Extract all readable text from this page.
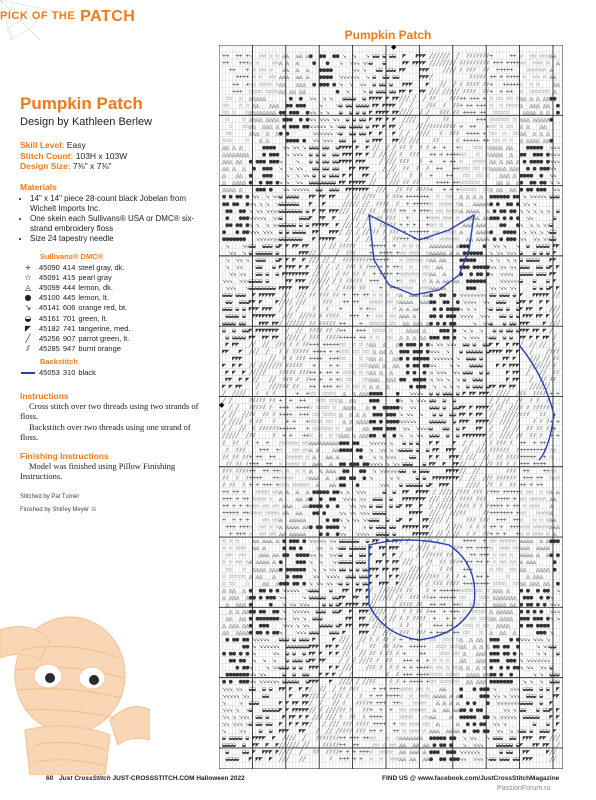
PICK OF THE PATCH
Pumpkin Patch
Pumpkin Patch
Design by Kathleen Berlew
Skill Level: Easy
Stitch Count: 103H x 103W
Design Size: 7⅜" x 7⅜"
Materials
• 14" x 14" piece 28-count black Jobelan from Wichelt Imports Inc.
• One skein each Sullivans® USA or DMC® six-strand embroidery floss
• Size 24 tapestry needle
Sullivans® DMC®
+	45090	414	steel gray, dk.
☆	45091	415	pearl gray
◬	45099	444	lemon, dk.
●	45100	445	lemon, lt.
↘	45141	606	orange red, bt.
◒	45161	701	green, lt.
◤	45182	741	tangerine, med.
╱	45256	907	parrot green, lt.
⫽	45285	947	burnt orange
Backstitch
	45053	310	black
Instructions
Cross stitch over two threads using two strands of floss.
Backstitch over two threads using one strand of floss.
Finishing Instructions
Model was finished using Pillow Finishing Instructions.
Stitched by Pat Turner
Finished by Shirley Meyer ⌘
+ + + + +
☆ ☆
☆ ☆ ☆ ◬ ◬ ◬ ◬ ◬ ● ●
● ●
● ↘ ↘ ↘ ◒
◒ ◒ ◒
◒ ◤ ◤ ◤ ◤ ╱ ╱ ╱ ╱ ╱ ╱ ╱ ⫽ ⫽ ⫽ ⫽ ⫽ ⫽ ⫽ +	+ + ☆ ☆
☆ ☆
☆
☆ ◬ ◬
+ + + + +
☆ ☆ ☆
☆ ◬ ◬ ◬	● ● ↘ ↘ ↘ ↘ ↘ ↘ ◒ ◒	◤ ◤ ◤ ◤ ◤ ◤ ╱ ╱ ╱ ╱ ╱ ╱ ╱ ╱ ⫽ ⫽ ⫽ ⫽ ⫽ ⫽ ⫽ ⫽ ⫽ + + + + + + +
☆
☆ ☆
☆
☆ ☆ ◬
+ + + ☆ ☆
☆ ☆ ◬ ◬ ◬ ◬ ●
●
●
●	↘ ↘ ↘ ◒
◒ ◒
◒
◒ ◤ ◤	◤ ◤ ◤	╱ ╱ ╱ ╱ ⫽ ⫽ ⫽ ⫽ ⫽ ⫽ + + + + + ☆
☆
☆
☆
☆
☆ ◬
+ + + + ☆ ☆ ☆
☆ ◬ ◬ ◬ ◬ ◬ ◬ ●
●
●
● ↘ ↘ ↘ ↘ ↘ ↘ ↘ ◒ ◒
◒ ◒
◒	◤ ◤ ◤ ╱	⫽ ⫽ ⫽ ⫽ ⫽ + + + + + + + ☆ ☆
☆ ☆ ◬ ◬
+ + +
☆
☆ ☆
☆
☆
☆ ☆ ◬ ◬ ◬ ◬ ◬ ● ●
●
● ● ↘ ↘ ↘ ↘ ◒ ◒
◒ ◒ ◤ ◤ ◤	◤ ╱ ╱ ╱ ⫽ ⫽ ⫽ ⫽ ⫽ ⫽ ⫽ + + + + + +
☆ ☆ ☆	◬ ◬
+ + + ☆
☆
☆
☆ ☆
☆
☆
☆ ◬ ◬ ◬ ◬ ◬ ◬	● ↘ ↘ ◒ ◒
◒
◒ ◒
◒ ◤ ◤ ◤ ◤ ◤ ╱ ╱ ╱ ╱ ╱ ╱ ╱ ╱ ⫽ ⫽ ⫽ ⫽ ⫽ ⫽ + + + + ☆ ☆
☆
☆
☆
☆
☆ ◬
☆
☆ ☆ ◬ ◬ ◬ ◬ ◬	● ● ↘ ↘ ↘ ↘ ◒
◒
◒
◒ ◒ ◤ ◤ ◤ ◤ ◤ ◤ ◤ ╱ ╱ ╱ ╱ ╱ ⫽ ⫽	⫽ ⫽ ⫽ + + + + + + ☆ ☆
☆ ☆
☆ ☆ ◬ ◬ ◬ ◬ ◬ ◬ ●
●
☆
☆ ☆ ☆ ◬ ◬ ◬ ◬ ◬ ●
● ●
●
● ↘ ↘ ◒ ◒
◒ ◒
◒
◒
◒ ◤ ◤ ◤ ◤ ◤ ◤ ╱ ╱	╱ ⫽ ⫽ ⫽ ⫽ ⫽ + + + + + + ☆ ☆ ☆
☆
☆
☆ ◬ ◬ ◬ ◬ ◬ ◬ ●
☆
☆ ☆ ☆ ◬ ◬ ◬ ◬ ◬ ◬ ◬ ◬ ●
● ●
●
● ● ↘ ↘ ↘ ↘ ◒ ◒ ◒ ◒ ◤ ◤ ◤ ◤ ◤ ◤ ◤ ╱ ╱ ╱ ╱ ╱ ╱ ⫽ ⫽ ⫽ ⫽ ⫽ + + + + + + ☆
☆
☆
☆
☆	◬ ◬ ◬ ◬ ◬ ◬ ●
☆ ☆ ◬ ◬ ◬ ◬ ◬ ◬ ◬ ◬ ●
●
● ● ● ↘ ↘ ↘ ↘ ↘ ↘ ↘ ◒ ◒ ◒
◒ ◤ ◤ ◤ ◤ ◤ ╱ ╱ ╱ ╱ ╱	⫽ ⫽	+ + + ☆
☆
☆
☆
☆
☆ ☆ ◬ ◬ ◬ ◬ ◬ ◬ ◬ ◬ ●
☆ ☆
☆ ◬ ◬ ◬ ◬ ◬ ◬ ● ●
●
● ●
● ↘ ↘ ↘ ↘ ↘ ↘ ↘ ◒
◒ ◒
◒
◒
◒ ◒ ◤ ◤ ◤ ◤ ◤ ╱	╱ ╱ ╱ ╱ ⫽ ⫽ ⫽ ⫽ ⫽ ⫽ ⫽ ⫽ + + + +
☆
☆ ☆ ☆
☆ ◬ ◬ ◬ ◬
☆
☆	◬ ◬ ◬ ◬ ◬ ● ●	↘ ↘ ↘ ↘ ↘ ↘ ↘ ◒ ◒
◒ ◒
◒ ◤ ◤ ◤ ╱ ╱ ╱ ╱ ╱ ╱ ⫽ ⫽ ⫽ ⫽ + + + + + ☆
☆ ☆ ☆
☆ ◬ ◬ ◬ ◬ ◬
☆
☆
☆ ☆ ◬ ◬	●
●
●
● ● ↘ ↘ ↘ ↘ ↘ ◒
◒ ◒ ◒ ◤ ◤ ◤ ◤ ◤ ╱ ╱ ╱ ╱ ╱	⫽ ⫽	⫽ + + + + + + + ☆
☆ ☆ ☆ ◬ ◬ ◬ ◬ ◬ ◬ ◬ ●
◬ ◬ ◬ ◬	●
●
●
● ↘ ↘ ↘ ↘ ↘ ◒
◒
◒ ◒
◒ ◒ ◤ ◤ ◤ ◤ ◤ ◤ ╱ ╱ ╱ ╱ ⫽ ⫽ ⫽ ⫽ ⫽ + + +
☆ ☆
☆
☆ ☆ ◬ ◬ ◬ ◬ ◬ ◬	●
●
●
●
● ↘ ↘ ↘
◬ ◬ ◬ ◬ ◬ ◬ ◬ ◬	● ●
●
● ↘ ↘ ↘ ↘ ◒ ◒ ◒ ◒
◒ ◤ ◤ ◤ ◤ ◤ ◤ ╱ ╱ ╱ ╱ ╱ ⫽ ⫽ ⫽ ⫽ + + + + + + +
☆
☆ ☆ ☆ ◬ ◬ ◬ ◬ ◬ ●
● ●
●
● ● ↘ ↘ ↘
◬ ◬ ◬ ◬ ◬ ● ●
●
● ●
●
● ↘ ↘ ◒ ◒ ◒
◒ ◒
◒ ◤ ◤ ◤ ◤ ◤ ◤ ◤	╱ ╱ ╱ ╱ ⫽ ⫽ ⫽ ⫽ + + + + ☆ ☆
☆
☆
☆ ◬ ◬ ◬ ◬ ◬ ◬ ● ●
●
●
● ● ↘ ↘ ↘
◬ ◬ ◬ ◬ ● ●
●
● ↘ ↘ ↘ ↘ ◒
◒ ◒
◒ ◒
◒ ◤ ◤ ◤ ◤ ◤	╱ ╱ ╱ ⫽ ⫽ ⫽ ⫽ + + + +
☆
☆
☆ ☆
☆ ☆
☆ ◬ ◬ ◬ ◬ ◬ ◬ ◬ ◬ ● ● ●
●
● ↘ ↘
◬ ◬ ◬ ● ●
●
● ↘ ↘ ↘ ↘ ◒ ◒ ◒
◒
◒ ◤ ◤ ◤ ◤ ╱ ╱ ╱ ╱ ⫽ ⫽ + + + ☆
☆ ☆
☆ ☆ ◬ ◬ ◬ ◬ ●
●
●
● ● ↘ ↘
◬ ◬ ◬ ◬ ◬ ● ● ●
● ● ↘ ↘ ↘ ↘ ◒
◒
◒
◒
◒
◒
◒
◒ ◤ ◤ ◤ ◤ ◤ ◤ ◤ ╱ ╱	╱ ╱ ╱ ⫽ ⫽ ⫽ ⫽	+ + + + + +
☆
☆
☆
☆
☆
☆ ☆ ◬ ◬ ◬ ◬ ● ●
● ●
● ↘ ↘
◬ ◬ ◬ ◬ ◬	●
●
● ● ↘ ↘ ↘ ↘ ↘ ↘ ↘ ◒
◒ ◒
◒
◒ ◤ ◤ ◤ ◤ ◤ ◤ ◤ ╱ ╱ ╱ ╱ ⫽ ⫽ ⫽ ⫽ ⫽ ⫽ ⫽ + + + +
☆
☆
☆
☆
☆ ☆
☆ ◬ ◬ ◬ ◬ ◬ ● ●
● ●
●
● ↘ ↘
● ● ●
● ● ↘ ↘ ↘ ↘ ↘ ◒ ◒
◒
◒
◒ ◤ ◤ ◤ ◤ ◤ ◤ ╱ ╱ ╱ ╱ ╱ ⫽ ⫽ ⫽ ⫽ ⫽ + + + + + + + + ☆ ☆
☆ ◬ ◬ ◬ ◬ ●
●
●
●
●
● ●
● ↘ ↘ ↘ ↘ ↘ ↘ ◒
◒
◒
●
● ●
● ● ↘ ↘ ↘ ↘ ↘ ◒
◒
◒
◒
◒
◒ ◤ ◤	╱ ╱ ╱ ╱ ╱ ╱ ╱ ⫽ ⫽ ⫽ ⫽ ⫽ + + + + + +
☆ ☆
☆
☆
☆ ☆ ◬ ◬ ◬ ◬ ◬ ◬ ● ● ●
● ● ↘ ↘ ↘
●
● ●
● ↘ ↘ ↘ ↘ ↘ ↘ ↘ ◒
◒
◒
◒
◒
◒
◒ ◒ ◤ ◤ ◤ ◤ ◤ ◤ ╱ ╱ ╱ ╱ ╱ ╱ ⫽ ⫽ ⫽ ⫽ ⫽ ⫽ + + + + + +
☆ ☆
☆ ☆
☆
☆
☆ ◬ ◬ ◬ ◬ ◬ ◬ ● ●
● ●
● ↘ ↘ ↘ ↘ ↘ ◒
● ●
●
● ↘ ↘ ↘ ↘ ↘ ↘ ↘ ◒	◒
◒
◒ ◤ ◤ ◤ ◤ ╱ ╱ ╱ ╱ ⫽ ⫽ ⫽ ⫽ ⫽ ⫽ +	+
☆
☆
☆ ☆
☆
☆ ☆ ◬ ◬ ◬ ◬ ◬ ◬ ●
●
● ● ● ● ↘ ↘	◒
●
● ●
● ● ↘ ↘ ↘ ↘ ↘ ◒
◒
◒
◒
◒ ◒ ◒ ◤ ◤ ◤ ◤ ◤ ◤ ╱ ╱ ╱ ╱ ╱	⫽ ⫽ ⫽ ⫽ ⫽ + + + +
☆
☆ ☆	◬ ◬ ◬ ◬ ◬ ◬	●
● ● ↘ ↘ ↘ ↘ ↘ ◒
● ● ●
● ↘ ↘ ↘ ↘ ↘ ↘ ◒ ◒ ◒
◒
◒
◒ ◤ ◤ ◤ ◤ ◤ ╱ ╱ ╱ ╱ ╱ ╱ ⫽ ⫽ ⫽ ⫽ ⫽ ⫽ ⫽ + + + + + + + ☆
☆ ☆
☆
☆
☆ ◬	◬ ◬ ◬ ◬ ● ●
●
●
● ↘ ↘ ↘ ↘ ↘ ◒
◒
●
●
●
●
●
●
● ↘ ↘ ↘ ↘ ↘ ↘ ↘ ◒
◒
◒
◒
◒
◒
◒ ◤ ◤ ◤ ◤ ◤ ◤ ╱ ╱ ╱ ⫽ ⫽ ⫽ ⫽ + + + + + + +
☆ ☆
☆
☆
☆
☆
☆ ◬ ◬ ◬ ◬ ◬ ◬ ● ● ●
●
● ↘ ↘ ↘ ↘ ↘ ↘ ◒
◒
↘ ↘ ↘ ◒
◒ ◒
◒
◒ ◒ ◤ ◤ ◤ ◤ ◤ ◤	╱ ╱ ╱ ⫽ ⫽ ⫽ ⫽ ⫽	+ + + + + + ☆ ☆ ☆ ◬ ◬ ◬ ◬ ◬ ◬ ◬ ◬ ●
●
● ● ↘ ↘ ↘ ↘ ◒ ◒
◒
◒
◒ ◤ ◤
↘ ↘ ↘ ◒ ◒
◒
◒
◒
◒ ◒	◤ ◤ ◤ ╱ ╱ ╱	╱ ⫽ ⫽ ⫽	+ + + + + +
☆
☆ ☆
☆
☆ ☆ ◬ ◬ ◬ ◬ ◬ ◬ ◬ ●
●
●
●
●
● ↘ ↘ ↘ ↘ ↘ ↘ ◒ ◒ ◒ ◒ ◤
↘ ↘ ↘ ↘ ◒
◒
◒ ◒ ◤ ◤ ◤ ◤ ╱ ╱ ╱ ╱ ╱ ╱ ⫽ ⫽ ⫽ ⫽ ⫽ ⫽ ⫽ ⫽ + + + + + + ☆ ☆
☆
☆
☆
☆ ☆ ◬ ◬ ◬ ◬	●
●
●
●
● ↘ ↘ ↘ ↘ ◒ ◒
◒
◒
◒ ◤ ◤
↘ ↘ ↘ ◒
◒ ◒ ◤ ◤ ◤ ◤ ◤ ◤ ╱ ╱ ╱ ╱ ⫽ ⫽ ⫽ ⫽ ⫽ + + + + + +
☆ ☆ ☆
☆ ◬ ◬	●
●
● ●
●
●
●
● ↘ ↘ ↘ ↘ ↘ ↘ ◒
◒
◒ ◒
◒ ◒ ◤ ◤
↘ ↘ ↘ ↘ ◒
◒ ◒ ◒ ◤ ◤ ◤ ◤ ◤ ◤ ◤ ◤ ╱ ╱ ╱ ╱ ╱ ⫽ ⫽ ⫽ ⫽ ⫽ + + + + + +
☆
☆
☆
☆
☆
☆ ☆
☆ ◬ ◬ ◬	● ● ●
● ● ↘ ↘ ↘ ↘ ↘ ◒
◒
◒
◒ ◒
◒
◒ ◤ ◤
↘ ↘ ↘ ↘ ↘ ↘ ◒
◒
◒
◒ ◒	◤ ◤ ◤ ◤ ◤ ╱ ╱ ╱ ╱ ╱ ╱ ╱ ⫽ ⫽ ⫽ ⫽ ⫽ ⫽ + + +	+
☆ ☆
☆ ☆ ◬ ◬ ◬ ◬ ◬ ◬ ●
●
●
●
●
● ↘ ↘ ↘ ↘ ↘ ↘ ◒ ◒ ◒ ◤
↘ ↘ ↘ ↘ ◒
◒
◒
◒
◒
◒
◒
◒ ◤ ◤ ◤ ◤ ◤ ◤ ◤ ╱ ╱ ╱ ╱ ⫽ ⫽ ⫽ ⫽ ⫽ ⫽	+ + + +
☆
☆
☆
☆ ☆
☆
☆ ◬ ◬ ◬ ◬ ◬	●
●
● ↘ ↘ ↘ ↘ ↘ ↘	◒ ◒ ◒ ◤ ◤
◒
◒
◒ ◒
◒
◒ ◤ ◤ ◤ ◤ ◤ ◤ ╱ ╱ ╱ ╱ ╱ ⫽ ⫽ ⫽ ⫽ ⫽ ⫽ ⫽ + + + + + ☆ ☆ ☆ ☆ ◬ ◬ ◬ ◬ ◬ ◬ ● ●
● ● ↘ ↘ ↘ ↘ ↘ ↘ ↘ ↘ ◒
◒ ◒
◒
◒ ◒ ◤ ◤ ◤ ◤ ◤ ◤ ╱ ╱
◒
◒ ◒
◒
◒ ◤ ◤ ◤	◤ ╱ ╱ ╱ ╱ ╱ ╱ ╱	⫽ ⫽ ⫽ + + + + ☆
☆
☆
☆ ☆
☆ ☆ ◬ ◬ ◬ ◬ ◬ ◬ ◬ ●
● ●
● ● ↘ ↘ ↘ ↘ ↘ ↘ ◒
◒
◒ ◒ ◤ ◤ ◤ ◤ ◤
◒
◒
◒ ◒ ◒ ◤ ◤ ◤ ◤ ◤ ◤ ╱ ╱ ╱	⫽ ⫽ +	+ +
☆
☆	☆ ◬ ◬ ◬ ◬	● ● ●
●
●
● ↘ ↘ ↘ ↘ ◒ ◒
◒ ◒ ◒ ◤ ◤ ◤ ◤ ╱ ╱ ╱
◒
◒
◒
◒ ◒ ◤ ◤ ◤ ◤ ◤ ◤ ◤ ╱ ╱ ╱ ╱ ╱ ╱ ⫽ ⫽ ⫽ ⫽ ⫽ ⫽ ⫽ + + + + ☆
☆ ☆
☆ ◬ ◬ ◬ ◬	●
● ● ●
●
● ↘ ↘ ↘ ↘ ↘ ↘ ↘ ◒
◒ ◒ ◒ ◤ ◤ ◤ ◤ ◤ ◤ ╱ ╱
◒
◒
◒
◒ ◒
◒	◤ ◤ ◤ ◤ ◤ ╱ ╱ ╱ ╱ ╱ ╱ ╱ ⫽ ⫽ ⫽ ⫽ ⫽ ⫽ ⫽ + + + ☆
☆
☆
☆
☆ ☆
☆ ◬ ◬ ◬ ◬ ◬ ◬ ● ● ● ●
●	↘ ↘ ↘ ◒ ◒ ◒
◒ ◤ ◤ ◤	◤ ╱ ╱ ╱
◒ ◒ ◒
◒ ◤ ◤ ◤ ◤ ◤ ◤ ◤ ◤ ╱ ╱ ╱ ⫽ ⫽ ⫽ ⫽ ⫽ ⫽ ⫽ + + + + + ☆
☆
☆
☆ ☆	◬ ◬ ◬ ◬ ◬	●
●
● ● ↘ ↘ ↘ ◒ ◒ ◒
◒ ◒ ◤ ◤ ◤ ◤ ◤ ◤ ╱
◒ ◒
◒
◒
◒ ◤ ◤ ◤ ◤ ◤ ◤ ╱ ╱ ╱ ╱ ╱ ⫽ ⫽ ⫽ ⫽ ⫽ ⫽ ⫽ + + + + + + + ☆ ☆ ☆
☆ ◬ ◬ ◬ ◬ ◬ ●
●
● ●
● ● ↘ ↘ ↘ ↘ ↘ ◒
◒ ◒ ◒ ◤ ◤ ◤ ◤ ◤ ◤ ╱
◤ ◤ ◤ ╱ ╱ ╱ ╱ ╱ ⫽ ⫽ ⫽ ⫽ ⫽ ⫽ + + + + + + + +
☆
☆ ☆ ☆ ☆ ◬ ◬ ◬ ◬ ● ●
●
● ● ● ↘ ↘ ↘ ↘ ↘ ↘ ◒
◒ ◒ ◒
◒ ◤ ◤ ◤ ◤ ◤ ╱ ╱ ╱ ╱ ╱ ⫽
◤ ◤ ◤ ╱ ╱ ╱ ╱ ⫽ ⫽ ⫽ ⫽ ⫽ ⫽ ⫽ + + + + + +
☆
☆
☆ ☆
☆ ☆
☆ ◬ ◬ ◬ ◬ ●
●
● ●
●
● ● ↘ ↘ ↘ ↘ ◒ ◒
◒
◒
◒
◒ ◒ ◤ ◤ ◤ ◤ ◤ ◤ ◤ ╱	╱ ⫽ ⫽ ⫽
◤ ◤ ◤	╱ ╱ ⫽ ⫽ ⫽ ⫽ ⫽ + + + + + + +
☆
☆ ☆ ☆ ◬ ◬ ◬ ◬ ◬ ● ● ●
●
●
●
● ↘ ↘ ↘ ↘ ↘ ↘ ↘ ◒
◒
◒ ◒	◤ ◤ ◤	╱ ╱ ╱ ╱ ╱ ⫽ ⫽
◤ ◤ ◤ ╱ ╱ ╱ ╱ ╱ ╱ ╱ ╱ ⫽ ⫽ ⫽ ⫽ ⫽ ⫽ + + + ☆ ☆
☆
☆ ◬ ◬ ◬ ◬ ◬ ◬ ● ●
● ●
● ↘ ↘ ↘ ↘ ◒
◒
◒
◒	◤ ◤ ◤ ◤ ◤ ╱ ╱ ╱ ╱ ╱ ╱ ⫽
◤ ◤ ◤ ╱ ╱ ╱ ╱ ╱	⫽ ⫽ ⫽ ⫽ ⫽ ⫽ ⫽ ⫽ + + + + + + ☆
☆
☆
☆ ☆ ☆ ◬ ◬ ◬ ◬	● ● ● ↘ ↘ ↘ ↘ ↘ ↘ ◒
◒
◒ ◒ ◒	◤ ◤ ◤ ╱ ╱ ╱ ⫽ ⫽
◤ ◤ ◤ ◤ ╱ ╱ ╱ ╱ ⫽ ⫽ ⫽ ⫽ ⫽ + + + + +
☆ ☆
☆ ☆
☆ ◬ ◬ ◬ ◬ ◬ ◬ ●
● ●
●
●
● ↘ ↘ ↘ ↘ ↘ ◒ ◒
◒
◒	◤ ◤ ◤ ╱ ╱ ╱ ⫽ ⫽
◤ ◤ ◤ ◤	╱ ╱ ╱ ╱ ⫽ ⫽ ⫽ ⫽ ⫽ + + + + + +
☆ ☆ ☆
☆ ☆ ◬ ◬ ◬	● ●
●
● ↘ ↘ ↘ ↘ ◒ ◒
◒
◒ ◒ ◤ ◤ ◤ ◤ ◤ ◤	╱ ╱ ╱ ╱ ╱ ╱
╱ ╱ ╱ ╱ ╱ ⫽ ⫽ ⫽	+ +
☆
☆ ☆
☆
☆
☆ ◬ ◬ ◬ ◬ ◬ ●
●
●
● ● ↘ ↘ ↘ ↘ ◒ ◒ ◒
◒
◒ ◒ ◤ ◤ ◤ ◤ ◤ ◤ ╱ ╱ ╱ ╱ ╱ ╱ ⫽ ⫽ ⫽ ⫽ ⫽ ⫽ + +
╱ ╱	⫽ ⫽ ⫽ ⫽ ⫽ ⫽ ⫽ + + + + ☆
☆
☆ ☆
☆
☆ ◬ ◬ ◬	●
●
●	● ↘ ↘ ↘ ↘ ↘ ◒
◒ ◒ ◒	╱ ╱ ╱ ╱ ╱ ⫽ ⫽ ⫽ ⫽
╱ ╱ ⫽ ⫽ ⫽ ⫽ ⫽ ⫽ + + + + + + +
☆ ☆
☆
☆
☆ ☆ ◬ ◬ ◬ ◬ ◬ ● ●
●
●
●
● ↘ ↘ ↘ ◒
◒
◒ ◒ ◒
◒ ◤ ◤ ◤ ◤ ◤ ◤ ◤ ╱ ╱ ╱ ╱ ╱ ╱ ⫽ ⫽ ⫽ ⫽ ⫽ ⫽ ⫽
╱ ╱ ╱ ╱ ╱ ⫽ ⫽ ⫽ ⫽ ⫽ + + + + + + + ☆
☆ ☆
☆
☆
☆ ◬ ◬ ◬ ◬ ●
●
● ●
●
● ↘ ↘ ↘ ↘ ◒ ◒ ◒
◒ ◤ ◤ ◤ ◤ ◤ ╱ ╱ ╱ ╱ ╱ ╱ ╱ ⫽ ⫽ ⫽ ⫽ ⫽ +
╱ ╱ ╱ ╱ ╱ ⫽ ⫽ ⫽ ⫽ + + +
☆
☆
☆
☆ ☆
☆ ◬ ◬ ◬ ◬ ◬ ◬ ●
● ● ●
●
●
● ↘ ↘ ↘ ↘ ↘ ◒
◒
◒
◒
◒ ◒ ◤ ◤ ◤ ◤ ◤ ◤ ◤ ╱ ╱ ╱ ╱ ╱ ╱	⫽ ⫽ ⫽ + +
╱ ╱ ╱ ╱ ⫽ ⫽ ⫽ ⫽ ⫽ ⫽ ⫽ + + + + + + ☆
☆
☆
☆
☆
☆ ☆ ◬ ◬ ◬ ◬ ●
●
● ●
●
● ↘ ↘ ↘ ↘ ↘ ↘ ◒ ◒
◒ ◒ ◤ ◤ ◤ ╱ ╱ ╱ ╱ ╱ ⫽ ⫽ ⫽ ⫽ ⫽ +
╱ ╱ ╱ ╱ ╱ ╱ ⫽ ⫽	⫽ + + + +
☆ ☆ ☆ ☆ ◬ ◬ ◬ ◬ ◬ ◬ ◬ ●
● ● ● ↘ ↘ ↘ ↘ ◒
◒
◒ ◒ ◒ ◤ ◤ ◤ ◤ ◤ ◤ ◤ ╱ ╱ ╱ ╱ ╱ ╱ ⫽ ⫽ ⫽ ⫽ + +
⫽ ⫽ ⫽ ⫽ + + ☆
☆
☆
☆
☆
☆ ☆
☆ ◬ ◬ ◬ ◬ ◬ ◬ ◬ ◬ ◬ ●
●
● ●
● ↘ ↘ ↘ ↘ ↘ ↘ ◒ ◒ ◒ ◤ ◤	◤ ╱ ╱ ╱ ⫽ ⫽ ⫽ ⫽ ⫽ + + + + +
⫽ ⫽ ⫽ ⫽	+ + + +
☆ ☆
☆ ☆
☆ ◬ ◬	◬ ◬ ●
●
●
● ●
● ↘ ↘ ↘ ↘ ↘ ◒
◒
◒
◒ ◒ ◒ ◤ ◤ ◤ ◤ ◤ ╱ ╱ ╱ ╱ ╱ ⫽ ⫽ ⫽ ⫽ ⫽ ⫽ ⫽ + + + + + + + + ☆
☆
⫽ ⫽ ⫽ ⫽ ⫽ ⫽ + + + + + ☆
☆
☆
☆
☆ ☆ ◬ ◬ ◬ ◬	● ↘ ↘ ↘ ↘ ↘ ◒
◒	◤ ◤ ◤ ◤ ◤ ╱ ╱ ╱ ╱ ╱ ╱ ⫽ ⫽ ⫽ ⫽ ⫽ ⫽ + + + + + + ☆
⫽ ⫽ ⫽ ⫽ ⫽ + + + + + ☆ ☆
☆
☆
☆ ☆ ◬ ◬ ◬ ◬ ●
● ●
●
● ●
● ↘ ↘ ↘ ↘ ↘ ↘ ↘ ◒
◒
◒ ◒ ◤ ◤ ◤ ◤ ◤ ╱ ╱ ╱ ╱ ╱ ⫽ ⫽ ⫽ ⫽ ⫽ + + + + + + +
⫽ ⫽ ⫽ ⫽ ⫽ ⫽ ⫽ + + + + + +
☆ ☆ ☆ ☆ ◬ ◬ ◬ ◬ ◬ ●
● ●
● ↘ ↘ ↘ ↘ ↘ ↘ ↘ ◒
◒ ◒ ◒
◒
◒	◤ ◤ ◤ ◤ ╱ ╱ ╱ ╱	⫽ ⫽ ⫽ + + + +
☆
☆
⫽ ⫽ ⫽ ⫽ + + + + + +
☆
☆
☆
☆ ☆ ◬ ◬ ◬ ◬ ◬ ●
● ●
● ● ↘	↘ ↘	◒ ◒ ◤ ◤ ◤ ◤ ◤ ◤ ◤ ◤ ╱ ╱ ╱ ╱ ╱ ⫽ ⫽ ⫽ ⫽ ⫽ ⫽ ⫽ + + + + + ☆
☆
☆
⫽ ⫽ ⫽ ⫽ + + + + + +
☆
☆
☆ ☆
☆
☆
☆
☆ ◬ ◬ ◬ ●
● ●	↘ ↘ ↘ ◒ ◒
◒
◒
◒
◒ ◒ ◤ ◤ ◤ ◤	╱ ╱ ╱ ╱ ╱ ⫽ ⫽ ⫽ ⫽ + + + + +
+ + + + + ☆
☆
☆
☆ ☆
☆ ◬ ◬ ◬ ◬ ●
●
●
●
● ●
● ↘ ↘ ↘ ↘ ↘	◒ ◒ ◤ ◤ ◤ ◤ ◤ ◤ ╱ ╱ ╱ ╱ ╱ ╱ ⫽ ⫽ ⫽ ⫽ ⫽ ⫽ ⫽ + + + + + + + +
☆ ☆
☆ ☆ ☆ ◬ ◬
+ + + + + + ☆
☆
☆
☆ ☆ ◬	◬ ◬ ◬ ● ● ●
● ↘ ↘ ↘ ↘ ↘ ↘ ◒
◒
◒ ◒ ◤ ◤ ◤ ◤ ◤ ◤ ◤ ╱ ╱ ╱ ╱ ╱ ╱ ╱ ⫽ ⫽ ⫽ ⫽ ⫽ ⫽ ⫽ + + + + + ☆
☆ ☆
☆
☆
☆
☆ ◬ ◬
+ + + + +
☆
☆
☆ ☆
☆ ☆
☆ ◬ ◬ ◬ ◬ ◬ ●
●
●
● ● ● ↘ ↘ ↘ ↘ ◒ ◒
◒ ◒ ◒ ◤ ◤ ◤ ◤ ╱ ╱ ╱ ╱ ╱ ╱ ╱ ⫽ ⫽ ⫽ ⫽ ⫽ ⫽ + + + + + + + ☆ ☆
☆
☆ ◬
+ + + + + + +
☆
☆
☆
☆ ☆
☆
☆
☆ ◬ ◬ ◬ ◬ ●
● ● ↘ ↘ ↘ ↘ ↘ ↘ ↘ ◒
◒
◒
◒	◤ ◤ ◤ ◤ ╱ ╱ ╱ ╱ ╱ ╱ ╱ ⫽ ⫽	⫽ ⫽ + + + + + + + +
☆
☆ ☆
☆
☆
☆ ◬
+ + + + ☆
☆ ☆
☆ ◬ ◬ ◬ ◬ ◬ ◬	● ●
● ↘ ↘ ↘ ↘ ↘ ↘ ◒
◒
◒ ◒ ◒ ◤ ◤ ◤ ◤ ╱ ╱ ╱ ╱ ╱	⫽ ⫽ ⫽ ⫽ ⫽ ⫽ + + + + +
☆ ☆ ☆ ☆ ◬ ◬
+ + + + + +
☆ ☆
☆ ☆ ☆ ◬ ◬ ◬ ◬ ◬ ◬ ◬ ● ●
● ●
●
●
● ↘	↘ ◒ ◒
◒
◒ ◒
◒ ◤ ◤ ◤ ◤ ◤ ◤ ◤ ╱	╱ ╱ ╱ ⫽ ⫽ ⫽ ⫽ + + + + + +
☆
☆
☆ ☆
☆
☆
☆
☆ ◬ ◬ ◬
+ + + + ☆ ☆
☆ ☆
☆ ◬ ◬ ◬ ◬ ◬ ◬ ◬	● ● ● ↘ ↘ ↘ ↘ ↘ ↘ ◒
◒
◒
◒ ◒	◤ ◤ ◤ ◤ ◤ ╱ ╱ ╱ ╱ ╱ ╱ ⫽ ⫽ ⫽ ⫽ + + + +
☆ ☆ ☆
☆
☆ ☆ ◬
☆ ☆ ☆	◬ ◬ ◬ ◬ ◬ ◬ ● ●
●
● ● ↘ ↘ ↘ ↘ ↘ ↘ ↘ ◒
◒
◒
◒
◒
◒ ◒ ◤ ◤ ◤ ◤ ◤ ╱ ╱	╱ ╱ ⫽ ⫽ ⫽	+ + + + + ☆
☆ ☆
☆
☆
☆
☆ ◬ ◬ ◬ ◬ ◬ ◬ ●
●
●
☆ ☆ ☆
☆
☆ ◬ ◬ ◬	● ●
● ● ↘ ↘ ↘ ↘ ◒
◒ ◒
◒
◒
◒
◒ ◤ ◤ ◤ ◤ ◤ ◤ ╱ ╱ ╱ ╱ ╱ ⫽	⫽ ⫽ + + + + + + +
☆ ☆
☆
☆ ☆
☆ ◬ ◬ ◬ ◬ ◬ ◬ ◬
☆
☆ ☆
☆	◬ ◬ ◬ ◬ ◬ ●
● ●
●
●
● ↘ ↘ ↘ ↘ ↘ ↘ ◒ ◒ ◒
◒ ◤ ◤ ◤ ╱	╱ ╱ ╱ ⫽ ⫽ ⫽ ⫽ ⫽ ⫽	+ + + + + ☆ ☆
☆ ☆ ◬ ◬ ◬ ◬ ◬ ◬ ● ●
☆ ☆ ☆
☆ ☆ ◬ ◬ ◬ ◬ ◬ ◬ ● ●
●
● ↘ ↘ ↘ ↘ ◒
◒
◒
◒ ◒
◒
◒ ◤ ◤ ◤ ◤ ◤ ╱ ╱ ╱	╱ ⫽ ⫽ ⫽ ⫽ ⫽ ⫽ + + + + + + ☆ ☆
☆ ☆
☆ ◬ ◬ ◬ ◬	●
☆
☆ ☆ ◬ ◬ ◬ ◬ ◬ ◬ ◬ ● ●
●
●
●
●
● ↘ ↘ ↘ ↘ ◒
◒ ◒ ◒ ◒
◒ ◤ ◤ ◤ ◤ ◤ ◤ ◤ ╱ ╱ ╱ ╱ ╱ ⫽ ⫽ ⫽ + + +	☆ ☆
☆ ☆
☆ ◬ ◬ ◬ ◬ ◬ ◬ ●
☆ ☆
☆
☆
☆
☆ ◬ ◬ ◬ ◬ ● ●
●
● ↘ ↘ ↘ ↘ ↘ ↘ ◒
◒
◒ ◒
◒
◒ ◤ ◤ ◤ ◤ ╱ ╱ ╱ ╱ ╱ ╱ ╱ ╱ ╱ ⫽ ⫽ ⫽ ⫽ ⫽ + + + +	☆	◬ ◬ ◬ ◬
☆ ☆
☆ ☆	◬ ◬ ◬ ●
●
● ●
● ● ↘ ↘ ↘ ↘ ↘ ↘ ◒ ◒ ◒ ◒
◒ ◤ ◤ ◤ ◤ ◤ ╱ ╱ ╱ ╱ ╱ ⫽ ⫽ ⫽ ⫽ ⫽ ⫽ ⫽ + + + + + + + + ☆
☆
☆
☆ ☆
☆ ◬ ◬ ◬ ◬ ◬ ◬ ◬ ●
◬ ◬ ◬ ◬ ● ●
● ● ● ↘ ↘ ↘ ↘ ↘ ↘ ◒
◒
◒ ◒ ◤ ◤ ◤ ◤ ◤ ╱ ╱ ╱ ╱ ╱ ╱ ╱ ⫽ ⫽ ⫽	⫽ + + + + + + +
☆
☆
☆
☆ ☆
☆ ☆ ◬ ◬ ◬ ◬ ● ● ● ●
● ↘
◬ ◬ ◬ ◬ ◬ ●
● ● ●
●
● ↘ ↘	↘ ◒
◒
◒
◒
◒ ◒
◒ ◤ ◤ ◤ ◤ ◤ ╱ ╱ ╱ ╱ ╱ ╱ ╱ ⫽ ⫽ ⫽ ⫽ ⫽ ⫽ + + + + + + + ☆
☆ ☆
☆
☆ ◬ ◬ ◬ ◬ ◬ ◬ ◬ ●
●
● ● ● ↘
◬ ◬ ◬ ◬ ●	● ↘ ↘ ↘ ↘ ↘ ↘ ◒ ◒ ◒ ◤ ◤ ◤ ◤ ◤ ◤ ◤ ╱ ╱	╱ ⫽ ⫽ ⫽ ⫽ ⫽ ⫽ + + + + + +
☆ ☆ ☆ ☆ ◬ ◬ ◬ ◬ ◬ ◬ ● ●
● ● ● ↘ ↘ ↘
◬ ◬ ◬ ◬ ●
● ●
● ●
● ↘ ↘ ↘ ↘ ↘ ↘ ◒
◒
◒ ◒
◒ ◤ ◤ ◤ ◤ ◤ ╱ ╱ ╱ ╱ ╱ ╱ ⫽ ⫽ ⫽ ⫽ ⫽ + + + + + + ☆ ☆
☆
☆
☆
☆ ◬ ◬ ◬ ◬ ◬ ◬ ● ● ● ● ↘ ↘ ↘
◬ ◬ ◬ ◬ ● ●
●
●
●
●
●
● ↘ ↘ ↘ ↘ ↘ ◒
◒
◒	◤ ◤ ◤ ◤ ╱ ╱ ╱ ╱ ╱ ╱ ⫽ ⫽ ⫽ ⫽ ⫽ ⫽ + + + ☆
☆ ☆
☆ ☆
☆
☆ ◬ ◬ ◬ ◬ ◬ ◬ ●
●
● ●
●
● ● ↘ ↘
◬ ◬ ◬ ◬ ◬ ◬ ● ●
●
● ↘ ↘ ↘ ↘ ↘ ↘ ◒
◒
◒
◒ ◒ ◤ ◤ ◤ ◤ ◤ ◤ ╱ ╱ ╱ ╱	⫽ ⫽ ⫽ + + + + + + ☆
☆
☆ ☆ ☆
☆ ◬ ◬ ◬ ◬ ● ●
● ●
●
●
●
◬ ◬ ◬ ◬ ◬ ◬ ● ●
● ● ●
● ↘ ↘ ↘ ↘ ◒
◒
◒ ◒
◒
◒ ◤	◤ ◤ ◤ ╱ ╱ ╱ ╱ ⫽ ⫽ ⫽ ⫽ ⫽ ⫽ + + + + + + + ☆
☆ ☆ ◬ ◬ ◬ ◬	●
●
● ↘
● ●
● ●
● ↘ ↘ ↘ ↘ ↘ ◒
◒
◒ ◒ ◒
◒
◒ ◤	◤ ╱ ╱ ╱ ╱ ╱ ⫽ ⫽ ⫽ ⫽ ⫽ + + + + + ☆
☆ ☆
☆
☆ ☆ ◬ ◬ ◬ ◬ ●
●
● ● ● ↘ ↘ ↘ ↘ ↘ ↘ ↘
●
● ↘ ↘ ↘ ↘ ↘ ↘ ↘ ◒
◒
◒
◒
◒
◒
◒ ◤ ◤ ◤ ◤ ◤ ◤ ╱ ╱ ╱ ╱ ⫽ ⫽ ⫽ ⫽ ⫽ ⫽ + + + + + + ☆
☆
☆ ☆
☆
☆ ◬ ◬ ◬ ◬ ◬ ●
● ●
● ●	↘ ↘ ↘ ◒
◒
● ●
● ● ● ↘	↘ ↘ ◒ ◒ ◒ ◤ ◤ ◤ ◤ ◤ ╱ ╱ ╱ ╱ ⫽ ⫽ ⫽ ⫽ ⫽ ⫽ + + + ☆
☆
☆ ☆
☆ ◬ ◬ ◬ ◬ ●
●
● ●
● ● ↘ ↘ ↘ ◒
●
● ●
● ↘ ↘ ↘ ◒ ◒
◒
◒ ◒ ◤ ◤ ◤ ◤	╱ ╱ ╱ ╱ ╱ ╱ ⫽ ⫽ ⫽ ⫽ + + + + + ☆ ☆ ☆ ◬ ◬ ◬ ◬ ◬ ●
●
● ●
●
● ↘ ↘ ↘ ↘ ↘ ↘ ↘ ↘
● ●
● ↘ ↘ ↘ ↘ ◒
◒
◒ ◒ ◒ ◤ ◤ ◤ ◤ ◤ ╱ ╱ ╱	╱ ⫽ ⫽ ⫽ ⫽ ⫽ + + + + + +
☆ ☆
☆ ☆ ☆
☆ ◬ ◬ ◬ ◬ ● ● ● ●
● ↘ ↘ ↘ ↘ ↘ ◒
●
●
●
●
●
●
● ↘ ↘ ↘ ↘	◒ ◒ ◒
◒ ◤ ◤ ◤ ╱ ╱	⫽ ⫽ + + + + + + +
☆
☆
☆
☆ ☆
☆
☆
☆ ◬ ◬ ◬ ◬ ◬ ◬ ●
● ● ●	↘ ↘ ◒
◒
◒
● ● ●
●
● ↘ ↘ ↘ ↘ ↘ ↘ ↘ ↘ ◒
◒
◒
◒
◒ ◒ ◤ ◤ ◤ ◤ ╱ ╱ ╱ ╱ ╱ ╱ ╱ ⫽ ⫽	⫽ ⫽ + + + + + +
☆
☆ ☆
☆
☆
☆
☆
☆ ◬ ◬ ◬ ◬ ◬ ●
●
●
●
●
●
● ↘ ↘ ↘ ◒
◒
◒
↘ ↘ ↘ ↘ ↘ ◒
◒ ◒ ◒ ◤ ◤ ◤ ◤ ◤ ╱ ╱ ╱ ╱ ⫽ ⫽ ⫽ ⫽ ⫽	+ + + + + +
☆
☆
☆
☆ ☆
☆ ☆ ◬ ◬	● ● ●
●
● ↘ ↘ ↘ ↘ ◒
◒
◒ ◒ ◒ ◤
↘ ↘ ↘ ↘ ↘ ↘ ↘ ◒
◒	◤ ◤ ◤ ╱ ╱ ╱ ╱ ╱ ╱ ⫽ ⫽ ⫽ + + + + + + +
☆ ☆ ☆
☆
☆ ◬ ◬ ◬ ◬ ◬ ◬ ●	●
●
● ↘ ↘ ↘ ↘ ↘ ↘ ◒
◒
◒ ◒ ◤ ◤
↘ ↘ ◒
◒
◒	◤ ◤ ◤ ◤ ◤ ◤ ╱ ╱ ╱ ╱ ⫽ ⫽ ⫽ ⫽ ⫽ + + + + + +
☆ ☆
☆
☆
☆ ◬ ◬ ◬ ◬ ● ● ● ↘ ↘ ↘ ↘ ↘ ↘ ↘ ◒
◒
◒
◒ ◒ ◤
↘ ↘ ↘ ↘ ↘ ◒ ◒
◒
◒
◒
◒ ◤ ◤ ◤ ◤ ◤ ◤ ◤ ╱ ╱ ╱ ╱ ╱ ╱ ╱ ⫽ ⫽ ⫽ ⫽ ⫽ + + + ☆
☆ ☆
☆
☆
☆
☆ ◬ ◬ ◬ ◬ ◬ ●
● ● ●
●	↘ ↘ ↘ ◒
◒ ◒ ◒
◒ ◤ ◤
↘ ↘ ↘ ↘ ↘ ↘ ◒
◒ ◒	◤ ◤ ◤ ◤ ◤ ╱ ╱ ╱ ╱ ╱ ╱ ⫽ ⫽ ⫽ ⫽ + + + +	☆
☆
☆
☆ ☆
☆ ◬ ◬	◬ ●
●
●
●
● ●
● ↘ ↘ ↘ ↘ ↘ ↘ ◒
◒
◒
◒
◒ ◤ ◤
↘ ↘ ↘ ↘ ↘ ↘ ◒ ◒
◒ ◒
◒ ◤ ◤ ◤ ◤ ◤ ╱ ╱ ╱ ╱ ╱ ⫽ ⫽ ⫽ ⫽ ⫽ ⫽ ⫽ + + + + + ☆
☆ ☆
☆
☆ ☆
☆ ◬	◬ ● ● ●
● ↘ ↘ ↘	◒ ◒ ◤
↘ ↘ ↘ ◒ ◒ ◤ ◤ ◤ ◤ ◤ ╱ ╱ ╱ ╱ ⫽ ⫽ ⫽ ⫽ ⫽ ⫽ ⫽ + + + + + ☆ ☆
☆
☆ ☆ ◬ ◬ ◬ ◬ ◬ ◬ ◬ ● ●
● ●
● ↘ ↘ ↘ ↘ ◒
◒ ◒ ◒
◒
◒ ◤
◒ ◒
◒
◒
◒ ◒ ◤ ◤ ◤ ◤ ◤ ╱ ╱ ╱ ╱ ╱ ⫽ ⫽ ⫽ ⫽ ⫽ ⫽ ⫽ + + + + + + +
☆
☆ ☆ ☆ ◬ ◬ ◬ ◬ ◬ ◬ ◬ ●
●
●
●
● ●
● ↘ ↘ ↘ ↘ ◒
◒
◒ ◒
◒ ◤ ◤ ◤ ◤ ◤ ╱ ╱ ╱
◒
◒
◒
◒ ◒ ◤ ◤ ◤ ◤ ╱ ╱ ╱ ╱ ╱ ╱ ╱ ╱	⫽ ⫽ ⫽ ⫽ ⫽ + + + + ☆
☆ ☆ ☆
☆ ◬ ◬ ◬ ◬ ◬ ◬ ● ●
● ● ↘ ↘ ↘ ↘ ◒
◒
◒
◒
◒ ◒ ◤ ◤ ◤ ◤ ◤ ╱
◒ ◒
◒ ◤ ◤ ◤ ◤ ◤ ╱ ╱ ╱ ╱ ╱ ⫽ ⫽ ⫽ ⫽ ⫽ ⫽ + + + + + +
☆ ☆
☆
☆
☆ ◬ ◬ ◬ ◬ ◬ ◬ ●
●
● ●
●
● ↘ ↘ ↘ ↘ ↘ ↘	◒ ◒
◒ ◤ ◤	◤ ╱ ╱
◒
◒
◒
◒ ◤ ◤ ◤ ◤ ╱ ╱ ╱ ╱ ╱	⫽ + + + + + ☆ ☆ ☆
☆
☆ ◬ ◬ ◬ ◬ ◬ ◬ ● ●
● ●
●
● ↘ ↘ ↘ ↘ ↘ ↘ ◒
◒ ◒
◒
◒ ◒
◒ ◤ ◤ ◤	╱ ╱
◆
◆
60 Just CrossStitch JUST-CROSSSTITCH.COM Halloween 2022	FIND US @ www.facebook.com/JustCrossStitchMagazine
PassionForum.ru
